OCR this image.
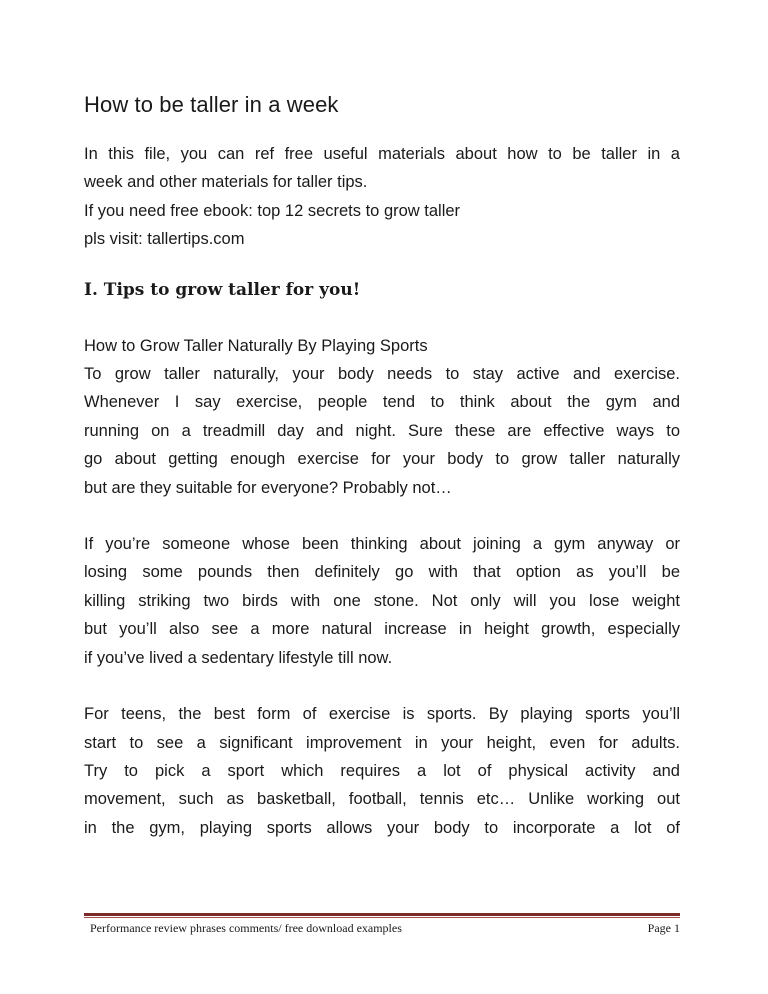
How to be taller in a week
In this file, you can ref free useful materials about how to be taller in a
week and other materials for taller tips.
If you need free ebook: top 12 secrets to grow taller
pls visit: tallertips.com
I. Tips to grow taller for you!
How to Grow Taller Naturally By Playing Sports
To grow taller naturally, your body needs to stay active and exercise.
Whenever I say exercise, people tend to think about the gym and
running on a treadmill day and night. Sure these are effective ways to
go about getting enough exercise for your body to grow taller naturally
but are they suitable for everyone? Probably not…
If you’re someone whose been thinking about joining a gym anyway or
losing some pounds then definitely go with that option as you’ll be
killing striking two birds with one stone. Not only will you lose weight
but you’ll also see a more natural increase in height growth, especially
if you’ve lived a sedentary lifestyle till now.
For teens, the best form of exercise is sports. By playing sports you’ll
start to see a significant improvement in your height, even for adults.
Try to pick a sport which requires a lot of physical activity and
movement, such as basketball, football, tennis etc… Unlike working out
in the gym, playing sports allows your body to incorporate a lot of
Performance review phrases comments/ free download examples	Page 1
